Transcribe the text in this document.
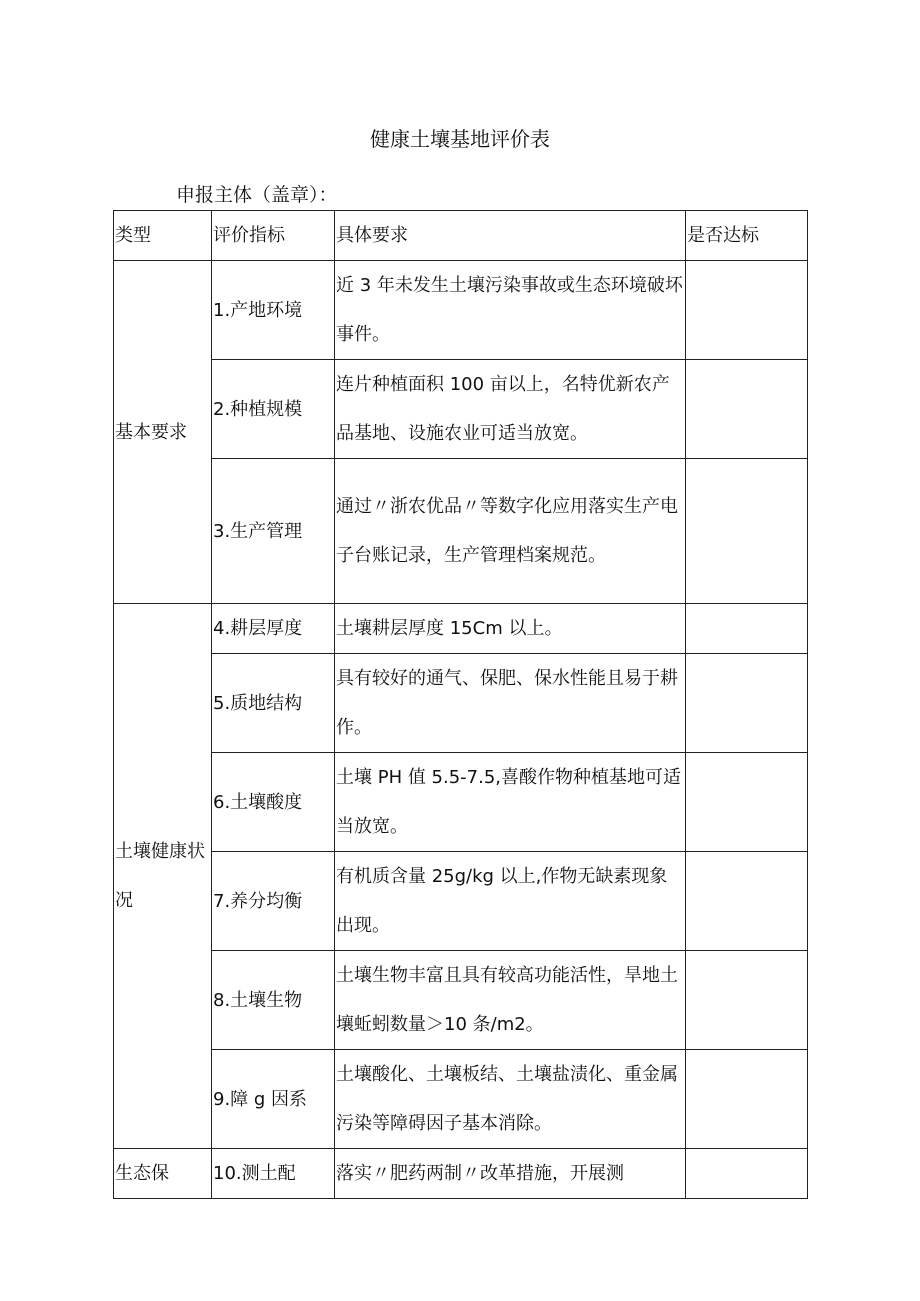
健康土壤基地评价表
申报主体（盖章）：
类型	评价指标	具体要求	是否达标
基本要求	1.产地环境	近 3 年未发生土壤污染事故或生态环境破坏事件。	
	2.种植规模	连片种植面积 100 亩以上，名特优新农产品基地、设施农业可适当放宽。	
	3.生产管理	通过〃浙农优品〃等数字化应用落实生产电子台账记录，生产管理档案规范。	
土壤健康状况	4.耕层厚度	土壤耕层厚度 15Cm 以上。	
	5.质地结构	具有较好的通气、保肥、保水性能且易于耕作。	
	6.土壤酸度	土壤 PH 值 5.5-7.5,喜酸作物种植基地可适当放宽。	
	7.养分均衡	有机质含量 25g∕kg 以上,作物无缺素现象出现。	
	8.土壤生物	土壤生物丰富且具有较高功能活性，旱地土壤蚯蚓数量＞10 条/m2。	
	9.障 g 因系	土壤酸化、土壤板结、土壤盐渍化、重金属污染等障碍因子基本消除。	
生态保	10.测土配	落实〃肥药两制〃改革措施，开展测	
